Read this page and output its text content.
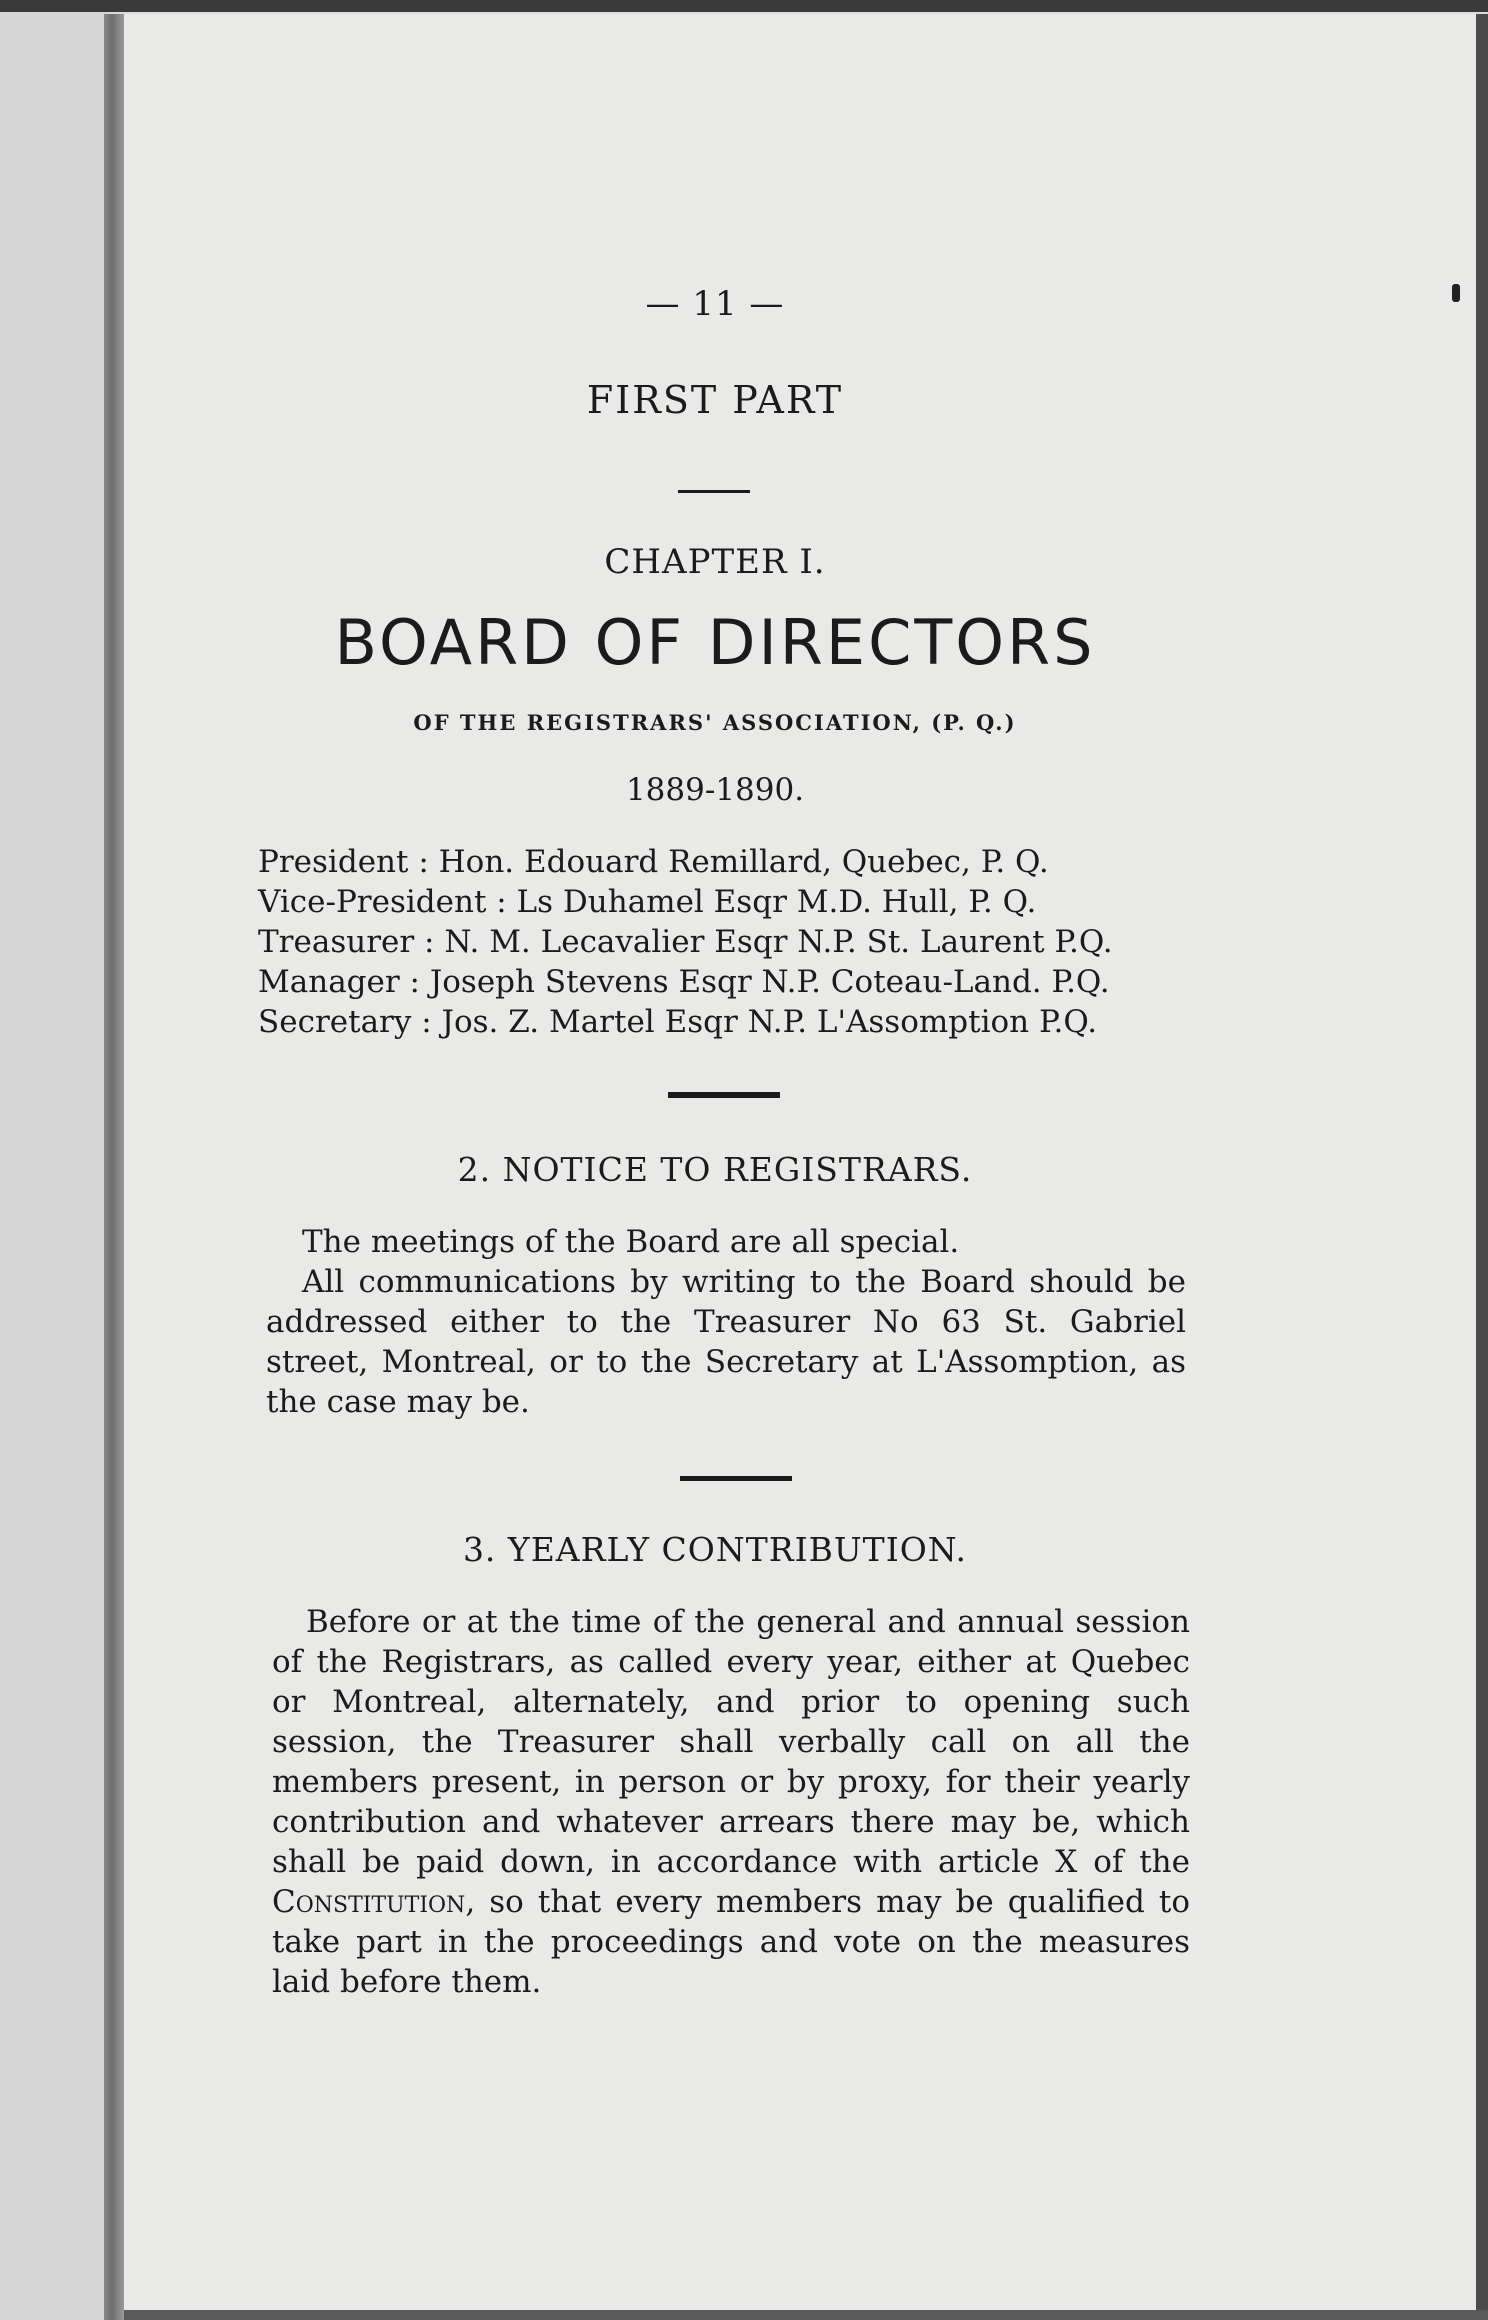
— 11 —
FIRST PART
CHAPTER I.
BOARD OF DIRECTORS
OF THE REGISTRARS' ASSOCIATION, (P. Q.)
1889-1890.
President : Hon. Edouard Remillard, Quebec, P. Q.
Vice-President : Ls Duhamel Esqr M.D. Hull, P. Q.
Treasurer : N. M. Lecavalier Esqr N.P. St. Laurent P.Q.
Manager : Joseph Stevens Esqr N.P. Coteau-Land. P.Q.
Secretary : Jos. Z. Martel Esqr N.P. L'Assomption P.Q.
2. NOTICE TO REGISTRARS.
The meetings of the Board are all special.
All communications by writing to the Board should be addressed either to the Treasurer No 63 St. Gabriel street, Montreal, or to the Secretary at L'Assomption, as the case may be.
3. YEARLY CONTRIBUTION.
Before or at the time of the general and annual session of the Registrars, as called every year, either at Quebec or Montreal, alternately, and prior to opening such session, the Treasurer shall verbally call on all the members present, in person or by proxy, for their yearly contribution and whatever arrears there may be, which shall be paid down, in accordance with article X of the Constitution, so that every members may be qualified to take part in the proceedings and vote on the measures laid before them.
